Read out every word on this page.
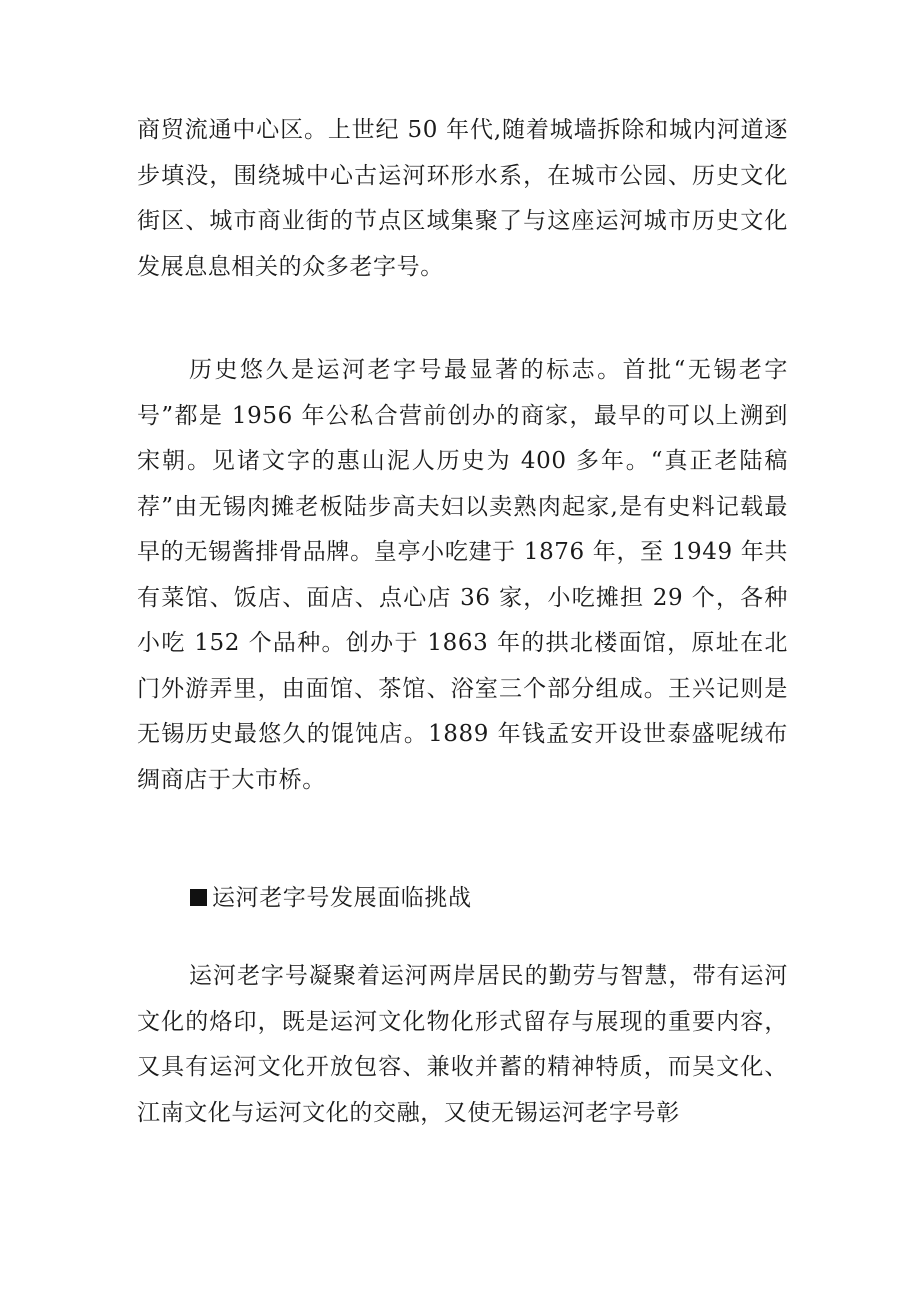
商贸流通中心区。上世纪 50 年代,随着城墙拆除和城内河道逐步填没，围绕城中心古运河环形水系，在城市公园、历史文化街区、城市商业街的节点区域集聚了与这座运河城市历史文化发展息息相关的众多老字号。

历史悠久是运河老字号最显著的标志。首批“无锡老字号”都是 1956 年公私合营前创办的商家，最早的可以上溯到宋朝。见诸文字的惠山泥人历史为 400 多年。“真正老陆稿荐”由无锡肉摊老板陆步高夫妇以卖熟肉起家,是有史料记载最早的无锡酱排骨品牌。皇亭小吃建于 1876 年，至 1949 年共有菜馆、饭店、面店、点心店 36 家，小吃摊担 29 个，各种小吃 152 个品种。创办于 1863 年的拱北楼面馆，原址在北门外游弄里，由面馆、茶馆、浴室三个部分组成。王兴记则是无锡历史最悠久的馄饨店。1889 年钱孟安开设世泰盛呢绒布绸商店于大市桥。

运河老字号发展面临挑战

运河老字号凝聚着运河两岸居民的勤劳与智慧，带有运河文化的烙印，既是运河文化物化形式留存与展现的重要内容，又具有运河文化开放包容、兼收并蓄的精神特质，而吴文化、江南文化与运河文化的交融，又使无锡运河老字号彰
